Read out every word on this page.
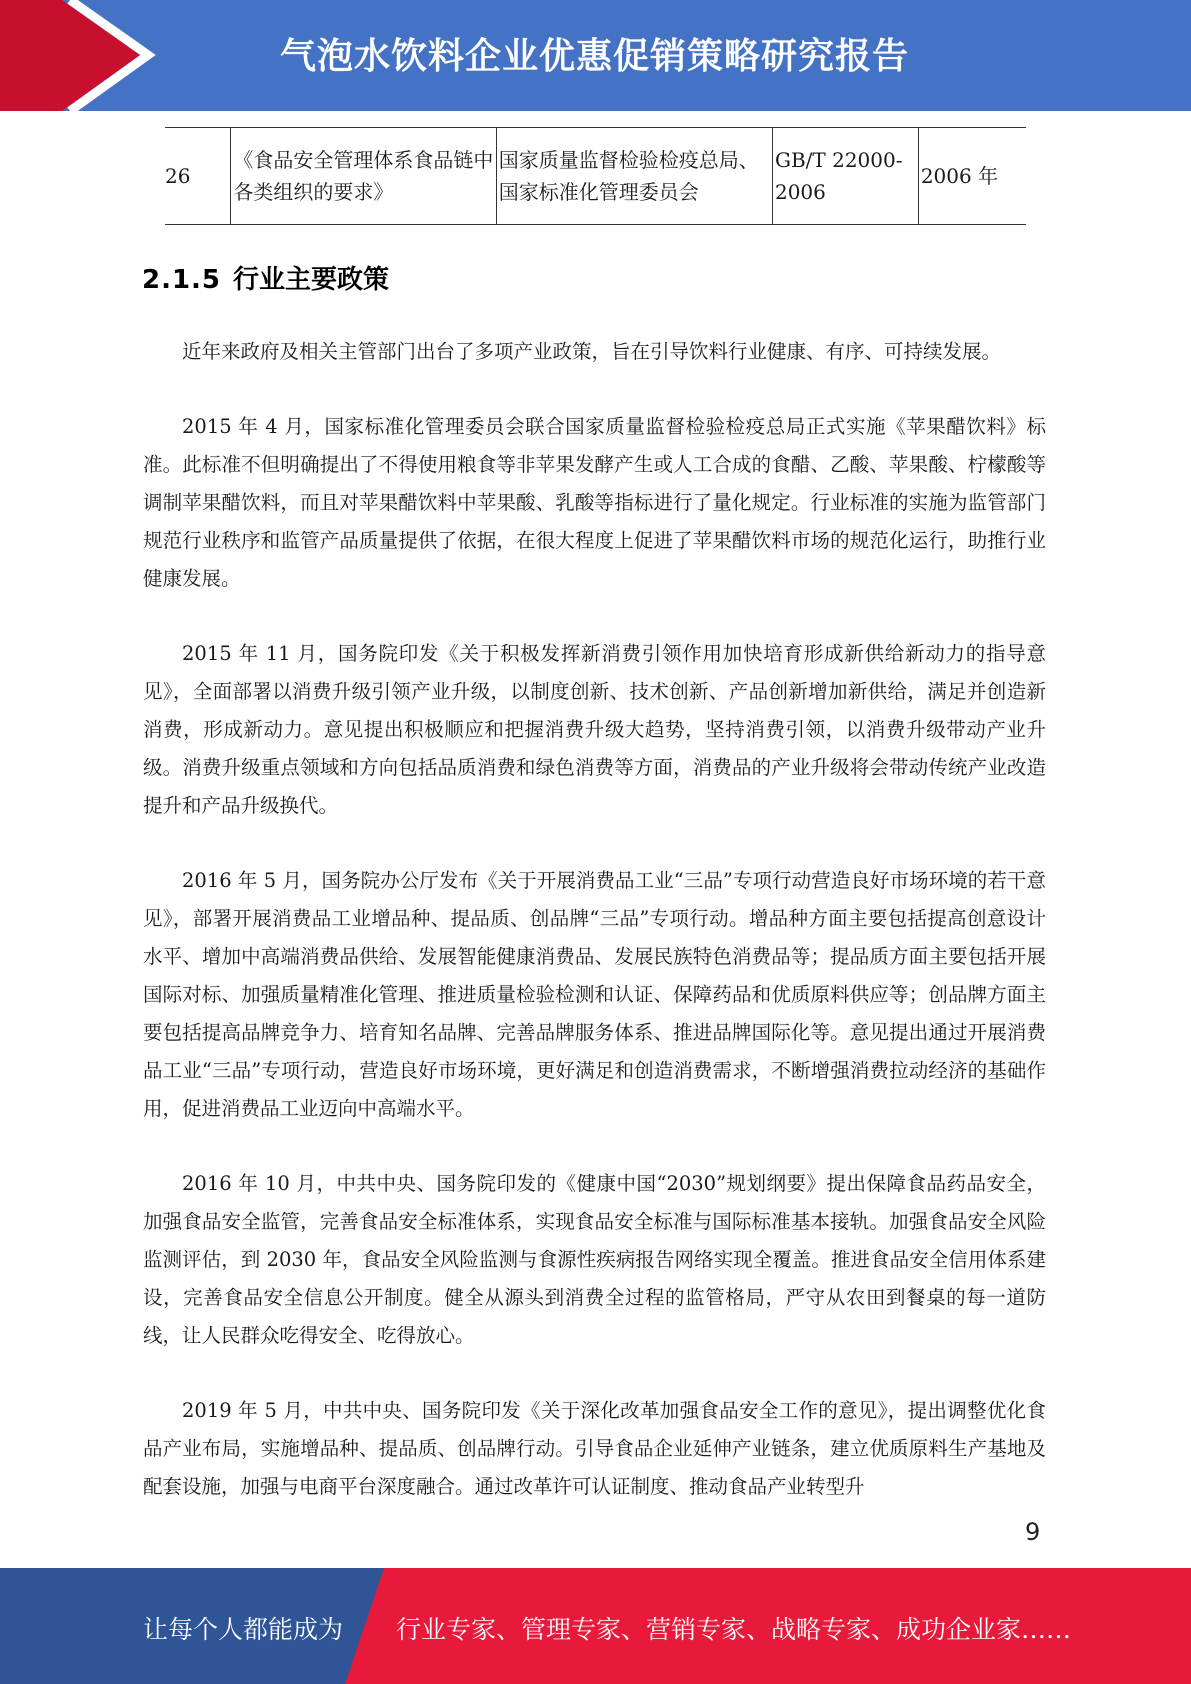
气泡水饮料企业优惠促销策略研究报告
26	《食品安全管理体系食品链中各类组织的要求》	国家质量监督检验检疫总局、国家标准化管理委员会	GB/T 22000-2006	2006 年
2.1.5 行业主要政策

近年来政府及相关主管部门出台了多项产业政策，旨在引导饮料行业健康、有序、可持续发展。

2015 年 4 月，国家标准化管理委员会联合国家质量监督检验检疫总局正式实施《苹果醋饮料》标准。此标准不但明确提出了不得使用粮食等非苹果发酵产生或人工合成的食醋、乙酸、苹果酸、柠檬酸等调制苹果醋饮料，而且对苹果醋饮料中苹果酸、乳酸等指标进行了量化规定。行业标准的实施为监管部门规范行业秩序和监管产品质量提供了依据，在很大程度上促进了苹果醋饮料市场的规范化运行，助推行业健康发展。

2015 年 11 月，国务院印发《关于积极发挥新消费引领作用加快培育形成新供给新动力的指导意见》，全面部署以消费升级引领产业升级，以制度创新、技术创新、产品创新增加新供给，满足并创造新消费，形成新动力。意见提出积极顺应和把握消费升级大趋势，坚持消费引领，以消费升级带动产业升级。消费升级重点领域和方向包括品质消费和绿色消费等方面，消费品的产业升级将会带动传统产业改造提升和产品升级换代。

2016 年 5 月，国务院办公厅发布《关于开展消费品工业“三品”专项行动营造良好市场环境的若干意见》，部署开展消费品工业增品种、提品质、创品牌“三品”专项行动。增品种方面主要包括提高创意设计水平、增加中高端消费品供给、发展智能健康消费品、发展民族特色消费品等；提品质方面主要包括开展国际对标、加强质量精准化管理、推进质量检验检测和认证、保障药品和优质原料供应等；创品牌方面主要包括提高品牌竞争力、培育知名品牌、完善品牌服务体系、推进品牌国际化等。意见提出通过开展消费品工业“三品”专项行动，营造良好市场环境，更好满足和创造消费需求，不断增强消费拉动经济的基础作用，促进消费品工业迈向中高端水平。

2016 年 10 月，中共中央、国务院印发的《健康中国“2030”规划纲要》提出保障食品药品安全，加强食品安全监管，完善食品安全标准体系，实现食品安全标准与国际标准基本接轨。加强食品安全风险监测评估，到 2030 年，食品安全风险监测与食源性疾病报告网络实现全覆盖。推进食品安全信用体系建设，完善食品安全信息公开制度。健全从源头到消费全过程的监管格局，严守从农田到餐桌的每一道防线，让人民群众吃得安全、吃得放心。

2019 年 5 月，中共中央、国务院印发《关于深化改革加强食品安全工作的意见》，提出调整优化食品产业布局，实施增品种、提品质、创品牌行动。引导食品企业延伸产业链条，建立优质原料生产基地及配套设施，加强与电商平台深度融合。通过改革许可认证制度、推动食品产业转型升

9
让每个人都能成为 行业专家、管理专家、营销专家、战略专家、成功企业家……
